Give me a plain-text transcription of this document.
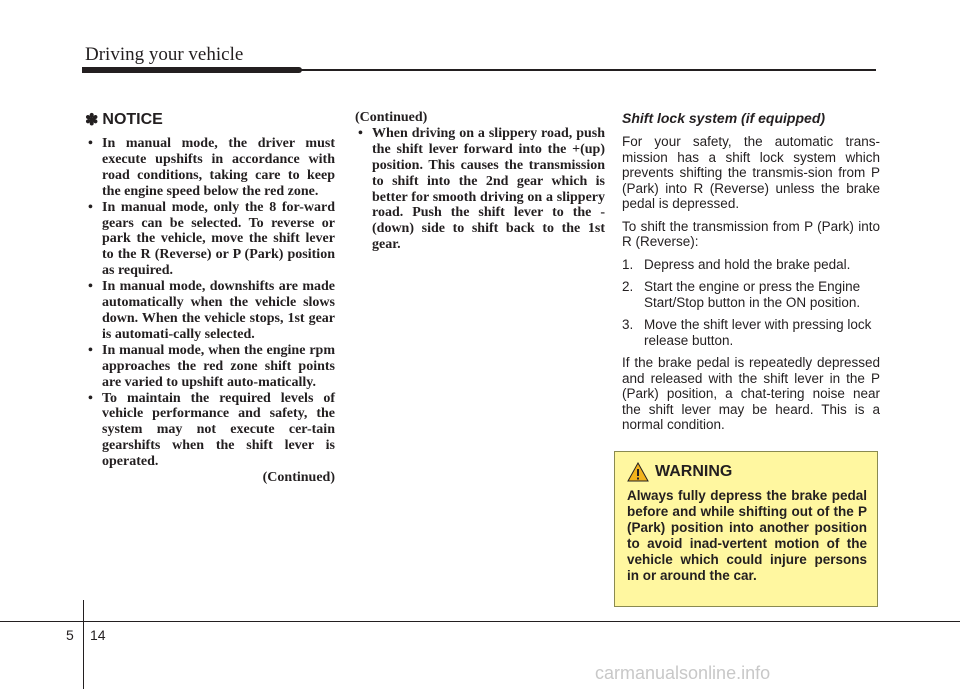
Driving your vehicle
✽ NOTICE
• In manual mode, the driver must execute upshifts in accordance with road conditions, taking care to keep the engine speed below the red zone.
• In manual mode, only the 8 for-ward gears can be selected. To reverse or park the vehicle, move the shift lever to the R (Reverse) or P (Park) position as required.
• In manual mode, downshifts are made automatically when the vehicle slows down. When the vehicle stops, 1st gear is automati-cally selected.
• In manual mode, when the engine rpm approaches the red zone shift points are varied to upshift auto-matically.
• To maintain the required levels of vehicle performance and safety, the system may not execute cer-tain gearshifts when the shift lever is operated.
(Continued)
(Continued)
• When driving on a slippery road, push the shift lever forward into the +(up) position. This causes the transmission to shift into the 2nd gear which is better for smooth driving on a slippery road. Push the shift lever to the -(down) side to shift back to the 1st gear.
Shift lock system (if equipped)

For your safety, the automatic trans-mission has a shift lock system which prevents shifting the transmis-sion from P (Park) into R (Reverse) unless the brake pedal is depressed.

To shift the transmission from P (Park) into R (Reverse):

1. Depress and hold the brake pedal.
2. Start the engine or press the Engine Start/Stop button in the ON position.
3. Move the shift lever with pressing lock release button.

If the brake pedal is repeatedly depressed and released with the shift lever in the P (Park) position, a chat-tering noise near the shift lever may be heard. This is a normal condition.

WARNING
Always fully depress the brake pedal before and while shifting out of the P (Park) position into another position to avoid inad-vertent motion of the vehicle which could injure persons in or around the car.
5 14
carmanualsonline.info
